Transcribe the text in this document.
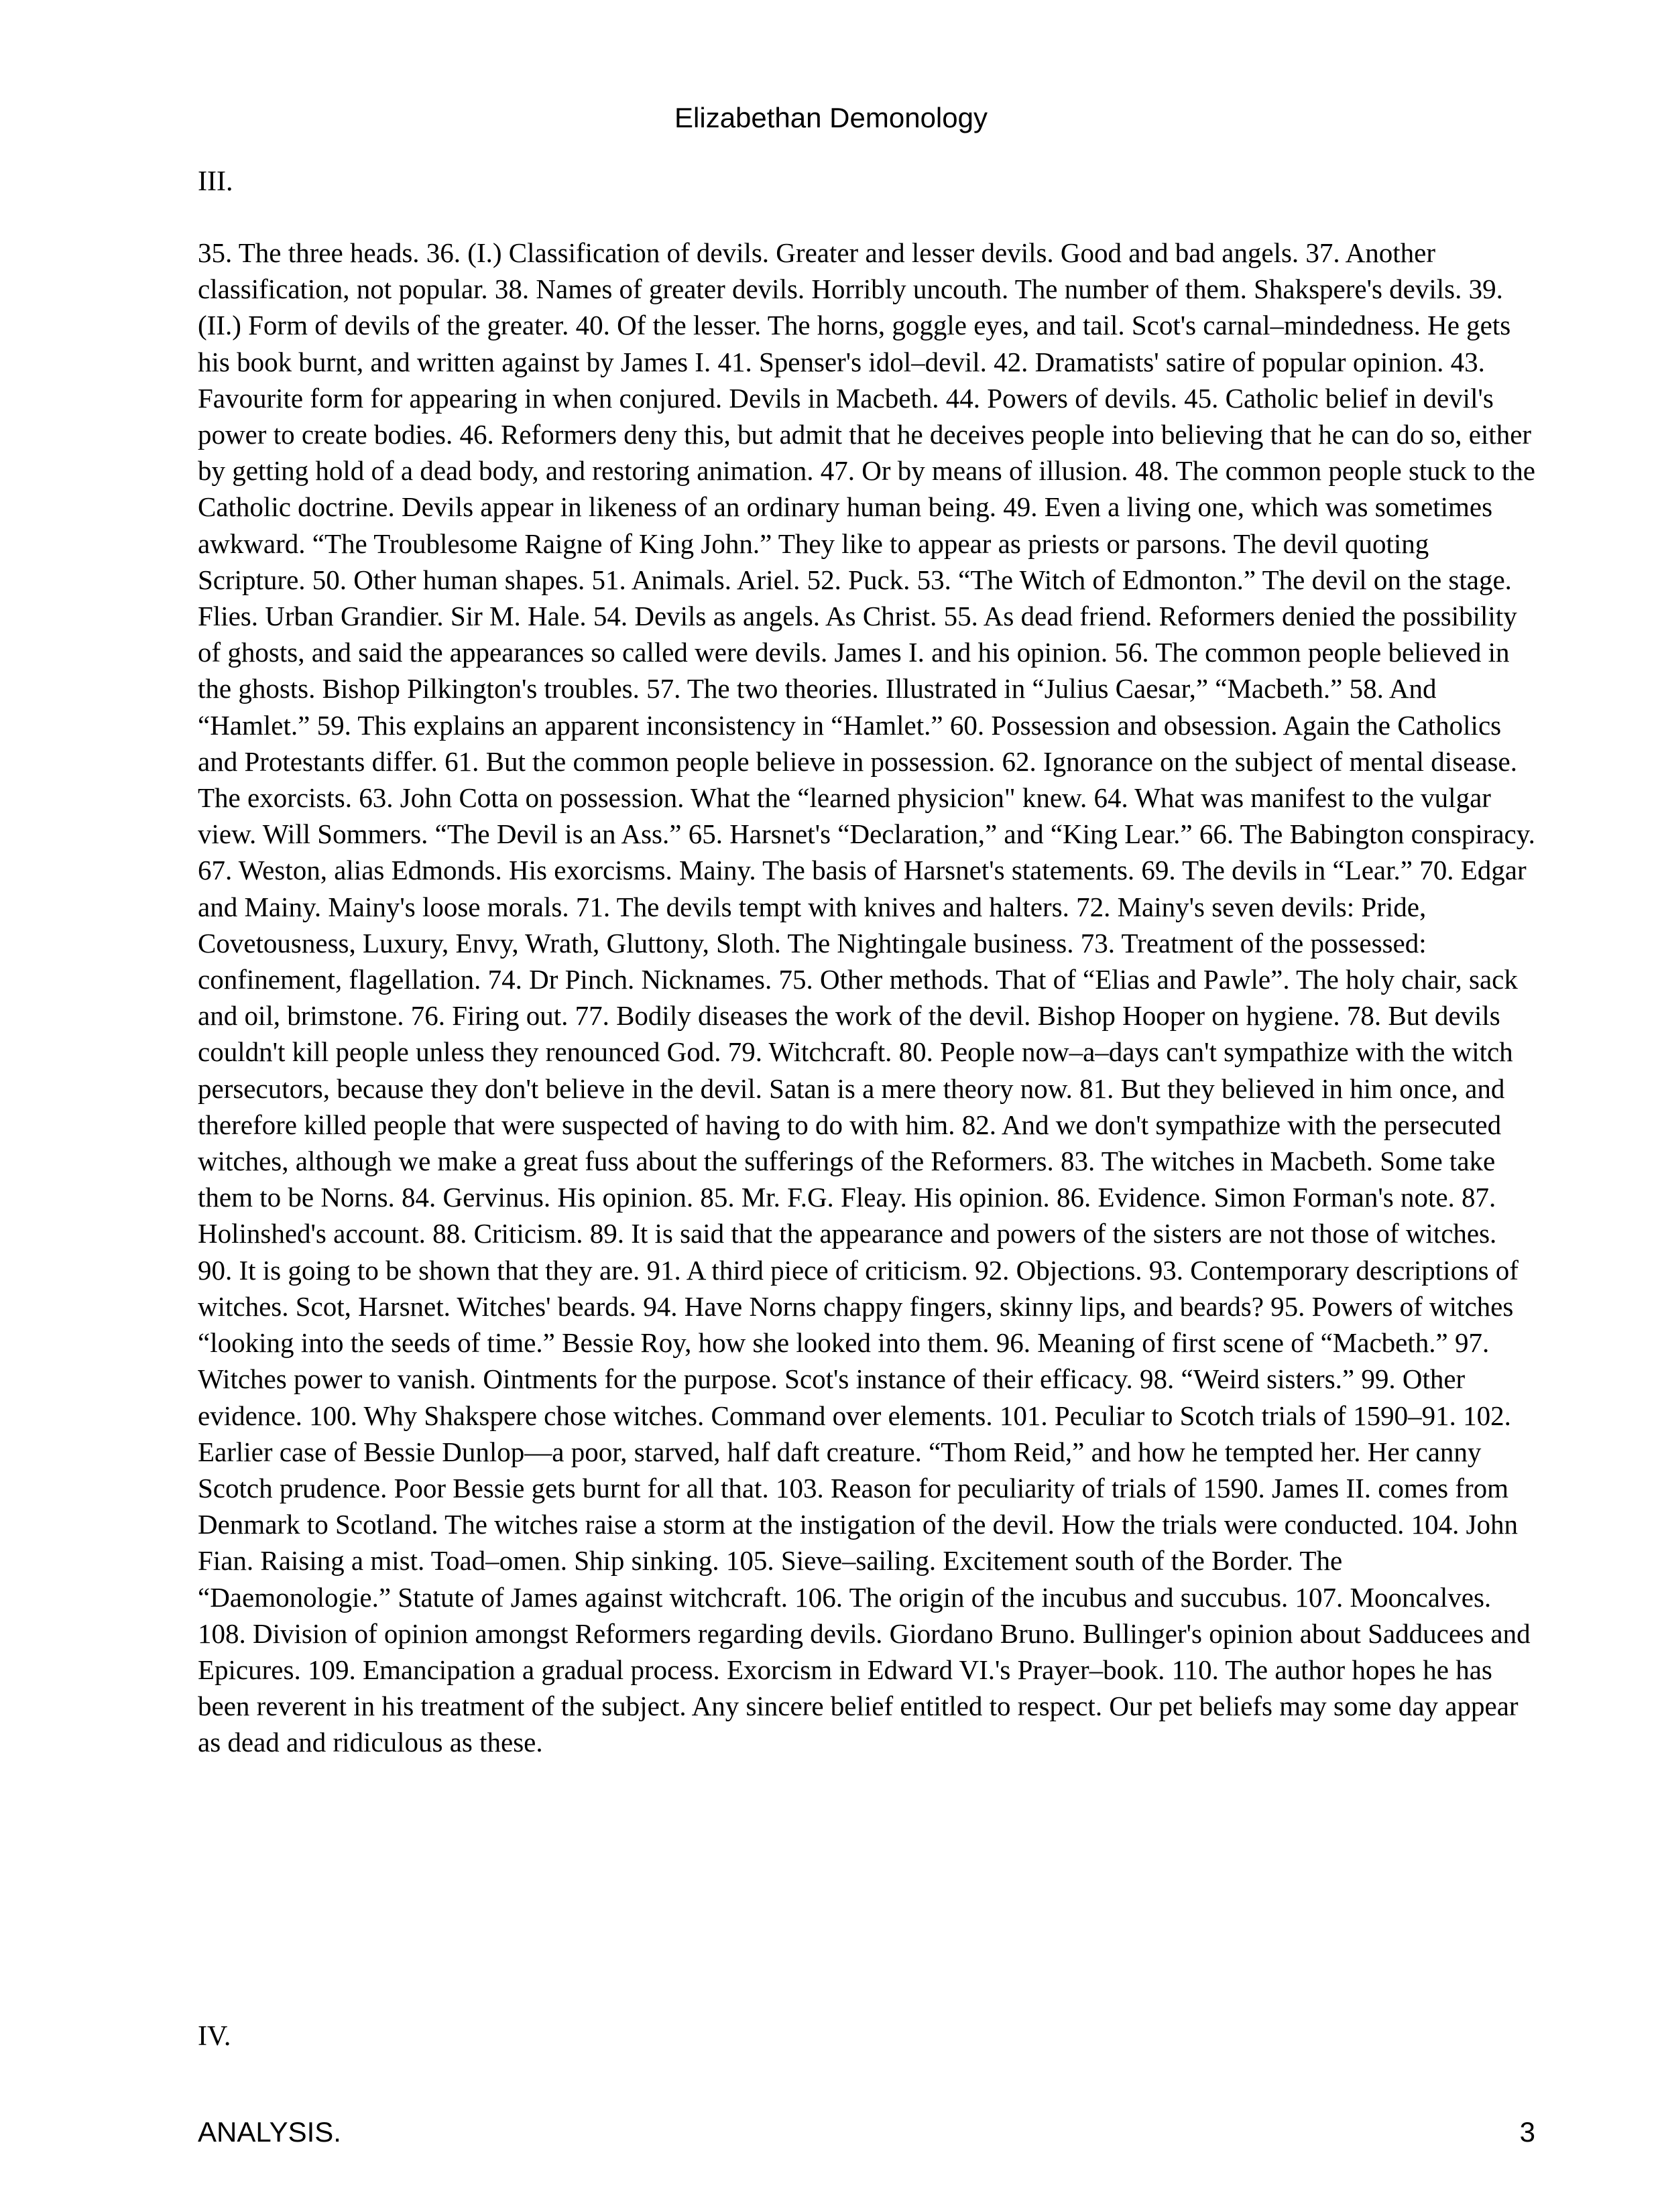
Elizabethan Demonology
III.

35. The three heads. 36. (I.) Classification of devils. Greater and lesser devils. Good and bad angels. 37. Another classification, not popular. 38. Names of greater devils. Horribly uncouth. The number of them. Shakspere's devils. 39. (II.) Form of devils of the greater. 40. Of the lesser. The horns, goggle eyes, and tail. Scot's carnal–mindedness. He gets his book burnt, and written against by James I. 41. Spenser's idol–devil. 42. Dramatists' satire of popular opinion. 43. Favourite form for appearing in when conjured. Devils in Macbeth. 44. Powers of devils. 45. Catholic belief in devil's power to create bodies. 46. Reformers deny this, but admit that he deceives people into believing that he can do so, either by getting hold of a dead body, and restoring animation. 47. Or by means of illusion. 48. The common people stuck to the Catholic doctrine. Devils appear in likeness of an ordinary human being. 49. Even a living one, which was sometimes awkward. “The Troublesome Raigne of King John.” They like to appear as priests or parsons. The devil quoting Scripture. 50. Other human shapes. 51. Animals. Ariel. 52. Puck. 53. “The Witch of Edmonton.” The devil on the stage. Flies. Urban Grandier. Sir M. Hale. 54. Devils as angels. As Christ. 55. As dead friend. Reformers denied the possibility of ghosts, and said the appearances so called were devils. James I. and his opinion. 56. The common people believed in the ghosts. Bishop Pilkington's troubles. 57. The two theories. Illustrated in “Julius Caesar,” “Macbeth.” 58. And “Hamlet.” 59. This explains an apparent inconsistency in “Hamlet.” 60. Possession and obsession. Again the Catholics and Protestants differ. 61. But the common people believe in possession. 62. Ignorance on the subject of mental disease. The exorcists. 63. John Cotta on possession. What the “learned physicion" knew. 64. What was manifest to the vulgar view. Will Sommers. “The Devil is an Ass.” 65. Harsnet's “Declaration,” and “King Lear.” 66. The Babington conspiracy. 67. Weston, alias Edmonds. His exorcisms. Mainy. The basis of Harsnet's statements. 69. The devils in “Lear.” 70. Edgar and Mainy. Mainy's loose morals. 71. The devils tempt with knives and halters. 72. Mainy's seven devils: Pride, Covetousness, Luxury, Envy, Wrath, Gluttony, Sloth. The Nightingale business. 73. Treatment of the possessed: confinement, flagellation. 74. Dr Pinch. Nicknames. 75. Other methods. That of “Elias and Pawle”. The holy chair, sack and oil, brimstone. 76. Firing out. 77. Bodily diseases the work of the devil. Bishop Hooper on hygiene. 78. But devils couldn't kill people unless they renounced God. 79. Witchcraft. 80. People now–a–days can't sympathize with the witch persecutors, because they don't believe in the devil. Satan is a mere theory now. 81. But they believed in him once, and therefore killed people that were suspected of having to do with him. 82. And we don't sympathize with the persecuted witches, although we make a great fuss about the sufferings of the Reformers. 83. The witches in Macbeth. Some take them to be Norns. 84. Gervinus. His opinion. 85. Mr. F.G. Fleay. His opinion. 86. Evidence. Simon Forman's note. 87. Holinshed's account. 88. Criticism. 89. It is said that the appearance and powers of the sisters are not those of witches. 90. It is going to be shown that they are. 91. A third piece of criticism. 92. Objections. 93. Contemporary descriptions of witches. Scot, Harsnet. Witches' beards. 94. Have Norns chappy fingers, skinny lips, and beards? 95. Powers of witches “looking into the seeds of time.” Bessie Roy, how she looked into them. 96. Meaning of first scene of “Macbeth.” 97. Witches power to vanish. Ointments for the purpose. Scot's instance of their efficacy. 98. “Weird sisters.” 99. Other evidence. 100. Why Shakspere chose witches. Command over elements. 101. Peculiar to Scotch trials of 1590–91. 102. Earlier case of Bessie Dunlop—a poor, starved, half daft creature. “Thom Reid,” and how he tempted her. Her canny Scotch prudence. Poor Bessie gets burnt for all that. 103. Reason for peculiarity of trials of 1590. James II. comes from Denmark to Scotland. The witches raise a storm at the instigation of the devil. How the trials were conducted. 104. John Fian. Raising a mist. Toad–omen. Ship sinking. 105. Sieve–sailing. Excitement south of the Border. The “Daemonologie.” Statute of James against witchcraft. 106. The origin of the incubus and succubus. 107. Mooncalves. 108. Division of opinion amongst Reformers regarding devils. Giordano Bruno. Bullinger's opinion about Sadducees and Epicures. 109. Emancipation a gradual process. Exorcism in Edward VI.'s Prayer–book. 110. The author hopes he has been reverent in his treatment of the subject. Any sincere belief entitled to respect. Our pet beliefs may some day appear as dead and ridiculous as these.

IV.
ANALYSIS.	3
